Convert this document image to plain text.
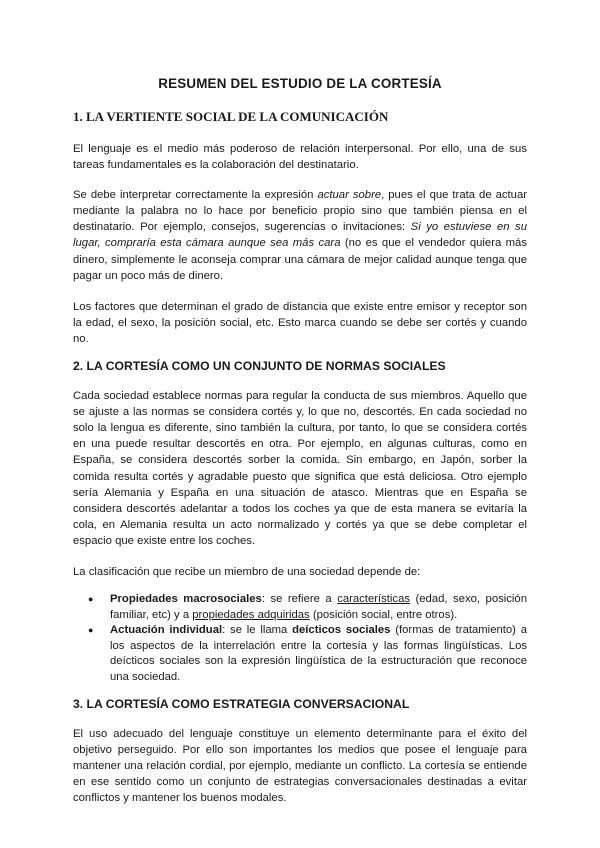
RESUMEN DEL ESTUDIO DE LA CORTESÍA
1. LA VERTIENTE SOCIAL DE LA COMUNICACIÓN

El lenguaje es el medio más poderoso de relación interpersonal. Por ello, una de sus tareas fundamentales es la colaboración del destinatario.

Se debe interpretar correctamente la expresión actuar sobre, pues el que trata de actuar mediante la palabra no lo hace por beneficio propio sino que también piensa en el destinatario. Por ejemplo, consejos, sugerencias o invitaciones: Si yo estuviese en su lugar, compraría esta cámara aunque sea más cara (no es que el vendedor quiera más dinero, simplemente le aconseja comprar una cámara de mejor calidad aunque tenga que pagar un poco más de dinero.

Los factores que determinan el grado de distancia que existe entre emisor y receptor son la edad, el sexo, la posición social, etc. Esto marca cuando se debe ser cortés y cuando no.

2. LA CORTESÍA COMO UN CONJUNTO DE NORMAS SOCIALES

Cada sociedad establece normas para regular la conducta de sus miembros. Aquello que se ajuste a las normas se considera cortés y, lo que no, descortés. En cada sociedad no solo la lengua es diferente, sino también la cultura, por tanto, lo que se considera cortés en una puede resultar descortés en otra. Por ejemplo, en algunas culturas, como en España, se considera descortés sorber la comida. Sin embargo, en Japón, sorber la comida resulta cortés y agradable puesto que significa que está deliciosa. Otro ejemplo sería Alemania y España en una situación de atasco. Mientras que en España se considera descortés adelantar a todos los coches ya que de esta manera se evitaría la cola, en Alemania resulta un acto normalizado y cortés ya que se debe completar el espacio que existe entre los coches.

La clasificación que recibe un miembro de una sociedad depende de:

● Propiedades macrosociales: se refiere a características (edad, sexo, posición familiar, etc) y a propiedades adquiridas (posición social, entre otros).
● Actuación individual: se le llama deícticos sociales (formas de tratamiento) a los aspectos de la interrelación entre la cortesía y las formas lingüísticas. Los deícticos sociales son la expresión lingüística de la estructuración que reconoce una sociedad.
3. LA CORTESÍA COMO ESTRATEGIA CONVERSACIONAL

El uso adecuado del lenguaje constituye un elemento determinante para el éxito del objetivo perseguido. Por ello son importantes los medios que posee el lenguaje para mantener una relación cordial, por ejemplo, mediante un conflicto. La cortesía se entiende en ese sentido como un conjunto de estrategias conversacionales destinadas a evitar conflictos y mantener los buenos modales.
